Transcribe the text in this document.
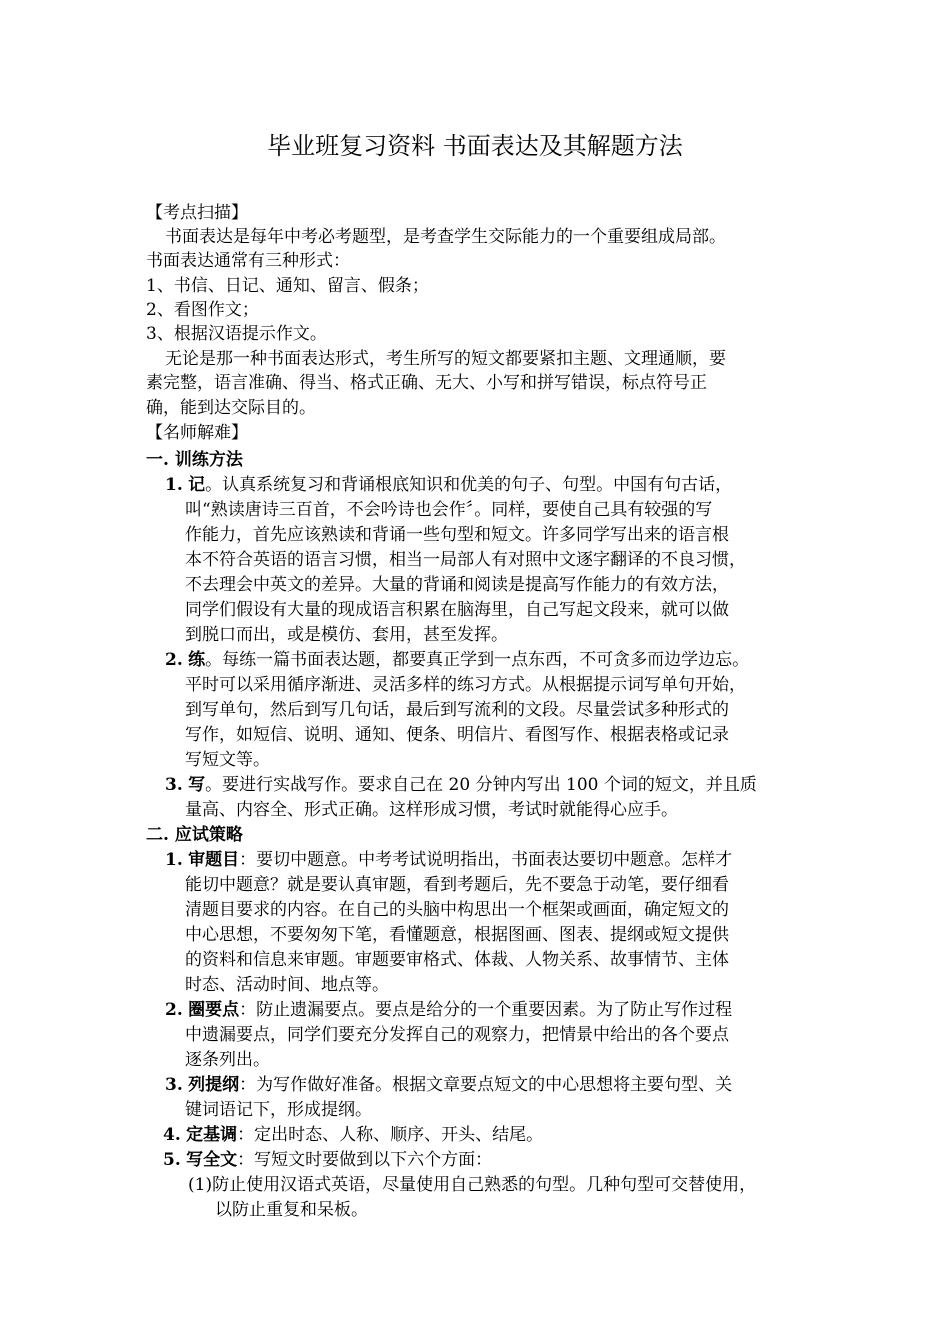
毕业班复习资料 书面表达及其解题方法
【考点扫描】
书面表达是每年中考必考题型，是考查学生交际能力的一个重要组成局部。
书面表达通常有三种形式：
1、书信、日记、通知、留言、假条；
2、看图作文；
3、根据汉语提示作文。
无论是那一种书面表达形式，考生所写的短文都要紧扣主题、文理通顺，要
素完整，语言准确、得当、格式正确、无大、小写和拼写错误，标点符号正
确，能到达交际目的。
【名师解难】
一. 训练方法
1. 记。认真系统复习和背诵根底知识和优美的句子、句型。中国有句古话，
叫“熟读唐诗三百首，不会吟诗也会作〞。同样，要使自己具有较强的写
作能力，首先应该熟读和背诵一些句型和短文。许多同学写出来的语言根
本不符合英语的语言习惯，相当一局部人有对照中文逐字翻译的不良习惯，
不去理会中英文的差异。大量的背诵和阅读是提高写作能力的有效方法，
同学们假设有大量的现成语言积累在脑海里，自己写起文段来，就可以做
到脱口而出，或是模仿、套用，甚至发挥。
2. 练。每练一篇书面表达题，都要真正学到一点东西，不可贪多而边学边忘。
平时可以采用循序渐进、灵活多样的练习方式。从根据提示词写单句开始，
到写单句，然后到写几句话，最后到写流利的文段。尽量尝试多种形式的
写作，如短信、说明、通知、便条、明信片、看图写作、根据表格或记录
写短文等。
3. 写。要进行实战写作。要求自己在 20 分钟内写出 100 个词的短文，并且质
量高、内容全、形式正确。这样形成习惯，考试时就能得心应手。
二. 应试策略
1. 审题目：要切中题意。中考考试说明指出，书面表达要切中题意。怎样才
能切中题意？就是要认真审题，看到考题后，先不要急于动笔，要仔细看
清题目要求的内容。在自己的头脑中构思出一个框架或画面，确定短文的
中心思想，不要匆匆下笔，看懂题意，根据图画、图表、提纲或短文提供
的资料和信息来审题。审题要审格式、体裁、人物关系、故事情节、主体
时态、活动时间、地点等。
2. 圈要点：防止遗漏要点。要点是给分的一个重要因素。为了防止写作过程
中遗漏要点，同学们要充分发挥自己的观察力，把情景中给出的各个要点
逐条列出。
3. 列提纲：为写作做好准备。根据文章要点短文的中心思想将主要句型、关
键词语记下，形成提纲。
4. 定基调：定出时态、人称、顺序、开头、结尾。
5. 写全文：写短文时要做到以下六个方面：
(1)防止使用汉语式英语，尽量使用自己熟悉的句型。几种句型可交替使用，
以防止重复和呆板。
